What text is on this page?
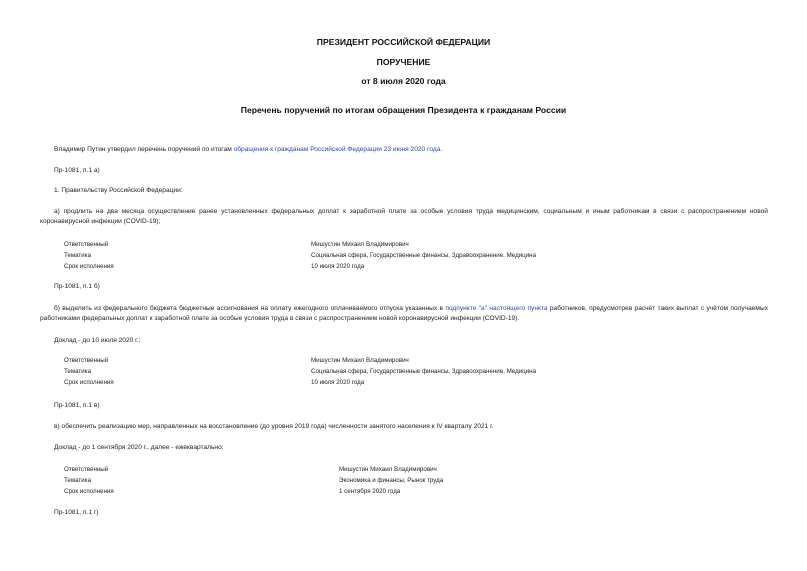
ПРЕЗИДЕНТ РОССИЙСКОЙ ФЕДЕРАЦИИ
ПОРУЧЕНИЕ
от 8 июля 2020 года
Перечень поручений по итогам обращения Президента к гражданам России
Владимир Путин утвердил перечень поручений по итогам обращения к гражданам Российской Федерации 23 июня 2020 года.
Пр-1081, п.1 а)
1. Правительству Российской Федерации:
а) продлить на два месяца осуществление ранее установленных федеральных доплат к заработной плате за особые условия труда медицинским, социальным и иным работникам в связи с распространением новой коронавирусной инфекции (COVID-19);
Ответственный	Мишустин Михаил Владимирович
Тематика	Социальная сфера, Государственные финансы, Здравоохранение, Медицина
Срок исполнения	10 июля 2020 года
Пр-1081, п.1 б)
б) выделить из федерального бюджета бюджетные ассигнования на оплату ежегодного оплачиваемого отпуска указанных в подпункте "а" настоящего пункта работников, предусмотрев расчёт таких выплат с учётом получаемых работниками федеральных доплат к заработной плате за особые условия труда в связи с распространением новой коронавирусной инфекции (COVID-19).
Доклад - до 10 июля 2020 г.;
Ответственный	Мишустин Михаил Владимирович
Тематика	Социальная сфера, Государственные финансы, Здравоохранение, Медицина
Срок исполнения	10 июля 2020 года
Пр-1081, п.1 в)
в) обеспечить реализацию мер, направленных на восстановление (до уровня 2019 года) численности занятого населения к IV кварталу 2021 г.
Доклад - до 1 сентября 2020 г., далее - ежеквартально;
Ответственный	Мишустин Михаил Владимирович
Тематика	Экономика и финансы, Рынок труда
Срок исполнения	1 сентября 2020 года
Пр-1081, п.1 г)
